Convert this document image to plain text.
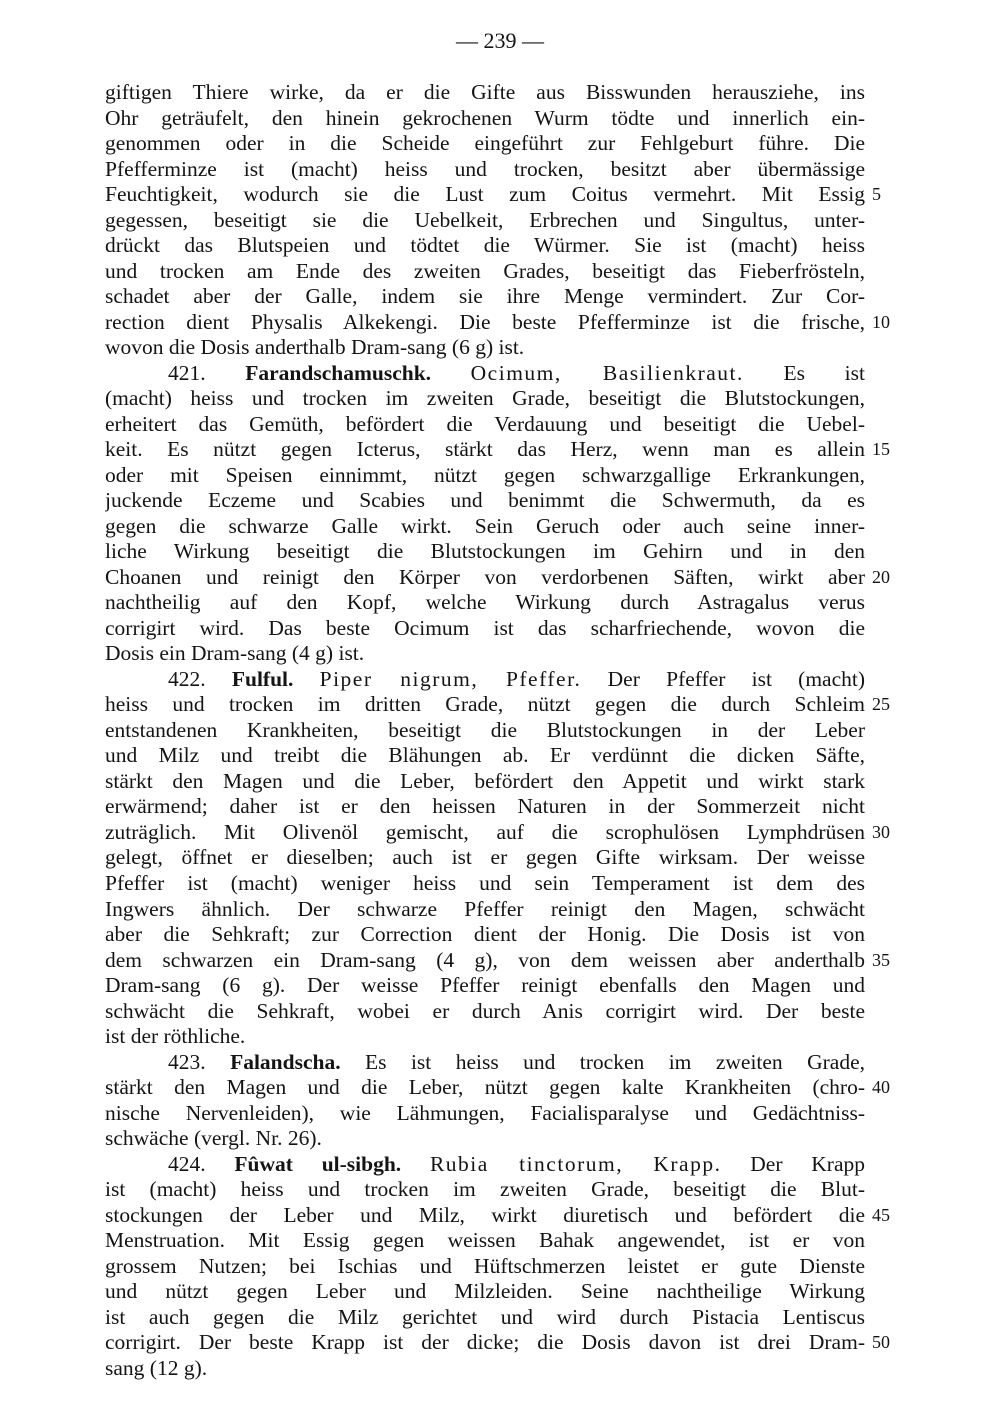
— 239 —
giftigen Thiere wirke, da er die Gifte aus Bisswunden herausziehe, ins
Ohr geträufelt, den hinein gekrochenen Wurm tödte und innerlich ein-
genommen oder in die Scheide eingeführt zur Fehlgeburt führe. Die
Pfefferminze ist (macht) heiss und trocken, besitzt aber übermässige
Feuchtigkeit, wodurch sie die Lust zum Coitus vermehrt. Mit Essig
gegessen, beseitigt sie die Uebelkeit, Erbrechen und Singultus, unter-
drückt das Blutspeien und tödtet die Würmer. Sie ist (macht) heiss
und trocken am Ende des zweiten Grades, beseitigt das Fieberfrösteln,
schadet aber der Galle, indem sie ihre Menge vermindert. Zur Cor-
rection dient Physalis Alkekengi. Die beste Pfefferminze ist die frische,
wovon die Dosis anderthalb Dram-sang (6 g) ist.
421. Farandschamuschk. Ocimum, Basilienkraut. Es ist
(macht) heiss und trocken im zweiten Grade, beseitigt die Blutstockungen,
erheitert das Gemüth, befördert die Verdauung und beseitigt die Uebel-
keit. Es nützt gegen Icterus, stärkt das Herz, wenn man es allein
oder mit Speisen einnimmt, nützt gegen schwarzgallige Erkrankungen,
juckende Eczeme und Scabies und benimmt die Schwermuth, da es
gegen die schwarze Galle wirkt. Sein Geruch oder auch seine inner-
liche Wirkung beseitigt die Blutstockungen im Gehirn und in den
Choanen und reinigt den Körper von verdorbenen Säften, wirkt aber
nachtheilig auf den Kopf, welche Wirkung durch Astragalus verus
corrigirt wird. Das beste Ocimum ist das scharfriechende, wovon die
Dosis ein Dram-sang (4 g) ist.
422. Fulful. Piper nigrum, Pfeffer. Der Pfeffer ist (macht)
heiss und trocken im dritten Grade, nützt gegen die durch Schleim
entstandenen Krankheiten, beseitigt die Blutstockungen in der Leber
und Milz und treibt die Blähungen ab. Er verdünnt die dicken Säfte,
stärkt den Magen und die Leber, befördert den Appetit und wirkt stark
erwärmend; daher ist er den heissen Naturen in der Sommerzeit nicht
zuträglich. Mit Olivenöl gemischt, auf die scrophulösen Lymphdrüsen
gelegt, öffnet er dieselben; auch ist er gegen Gifte wirksam. Der weisse
Pfeffer ist (macht) weniger heiss und sein Temperament ist dem des
Ingwers ähnlich. Der schwarze Pfeffer reinigt den Magen, schwächt
aber die Sehkraft; zur Correction dient der Honig. Die Dosis ist von
dem schwarzen ein Dram-sang (4 g), von dem weissen aber anderthalb
Dram-sang (6 g). Der weisse Pfeffer reinigt ebenfalls den Magen und
schwächt die Sehkraft, wobei er durch Anis corrigirt wird. Der beste
ist der röthliche.
423. Falandscha. Es ist heiss und trocken im zweiten Grade,
stärkt den Magen und die Leber, nützt gegen kalte Krankheiten (chro-
nische Nervenleiden), wie Lähmungen, Facialisparalyse und Gedächtniss-
schwäche (vergl. Nr. 26).
424. Fûwat ul-sibgh. Rubia tinctorum, Krapp. Der Krapp
ist (macht) heiss und trocken im zweiten Grade, beseitigt die Blut-
stockungen der Leber und Milz, wirkt diuretisch und befördert die
Menstruation. Mit Essig gegen weissen Bahak angewendet, ist er von
grossem Nutzen; bei Ischias und Hüftschmerzen leistet er gute Dienste
und nützt gegen Leber und Milzleiden. Seine nachtheilige Wirkung
ist auch gegen die Milz gerichtet und wird durch Pistacia Lentiscus
corrigirt. Der beste Krapp ist der dicke; die Dosis davon ist drei Dram-
sang (12 g).
5
10
15
20
25
30
35
40
45
50
